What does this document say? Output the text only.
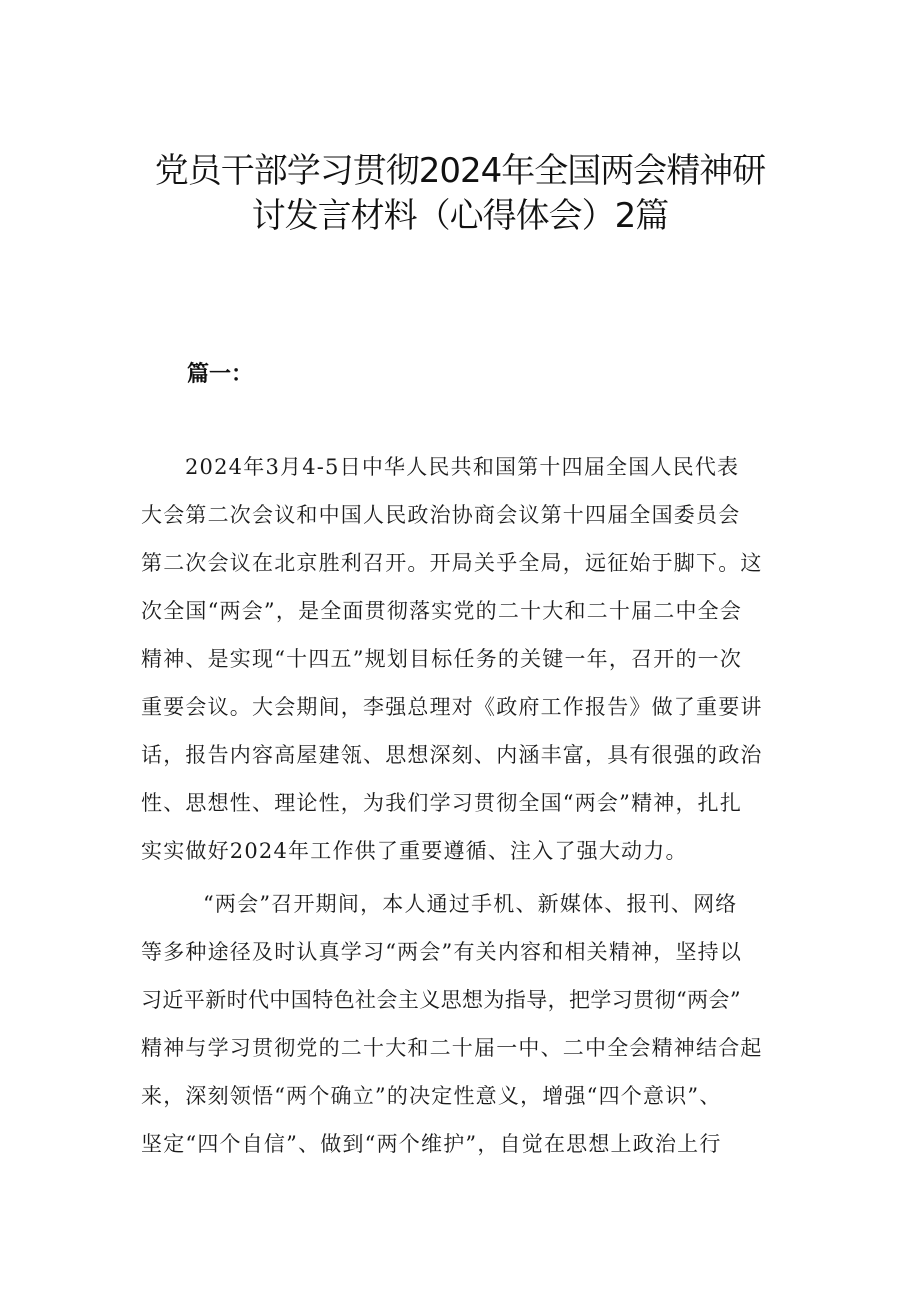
党员干部学习贯彻2024年全国两会精神研
讨发言材料（心得体会）2篇
篇一：
2024年3月4-5日中华人民共和国第十四届全国人民代表
大会第二次会议和中国人民政治协商会议第十四届全国委员会
第二次会议在北京胜利召开。开局关乎全局，远征始于脚下。这
次全国“两会”，是全面贯彻落实党的二十大和二十届二中全会
精神、是实现“十四五”规划目标任务的关键一年，召开的一次
重要会议。大会期间，李强总理对《政府工作报告》做了重要讲
话，报告内容高屋建瓴、思想深刻、内涵丰富，具有很强的政治
性、思想性、理论性，为我们学习贯彻全国“两会”精神，扎扎
实实做好2024年工作供了重要遵循、注入了强大动力。
“两会”召开期间，本人通过手机、新媒体、报刊、网络
等多种途径及时认真学习“两会”有关内容和相关精神，坚持以
习近平新时代中国特色社会主义思想为指导，把学习贯彻“两会”
精神与学习贯彻党的二十大和二十届一中、二中全会精神结合起
来，深刻领悟“两个确立”的决定性意义，增强“四个意识”、
坚定“四个自信”、做到“两个维护”，自觉在思想上政治上行
